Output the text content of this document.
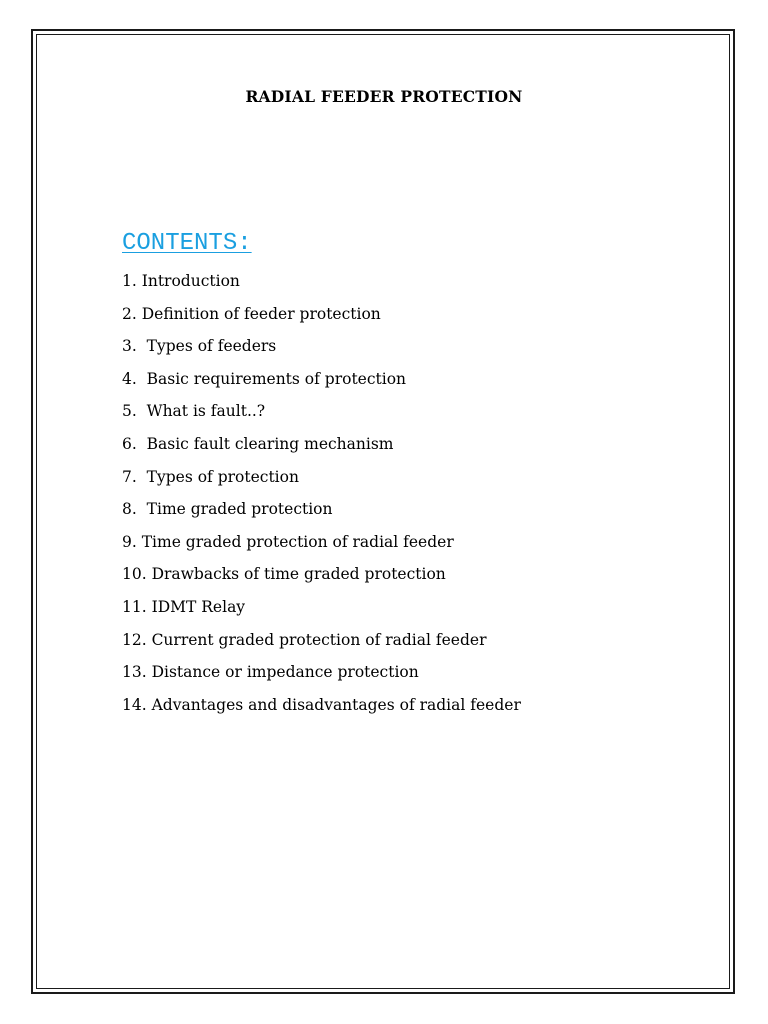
RADIAL FEEDER PROTECTION
CONTENTS:
1. Introduction
2. Definition of feeder protection
3.  Types of feeders
4.  Basic requirements of protection
5.  What is fault..?
6.  Basic fault clearing mechanism
7.  Types of protection
8.  Time graded protection
9. Time graded protection of radial feeder
10. Drawbacks of time graded protection
11. IDMT Relay
12. Current graded protection of radial feeder
13. Distance or impedance protection
14. Advantages and disadvantages of radial feeder
